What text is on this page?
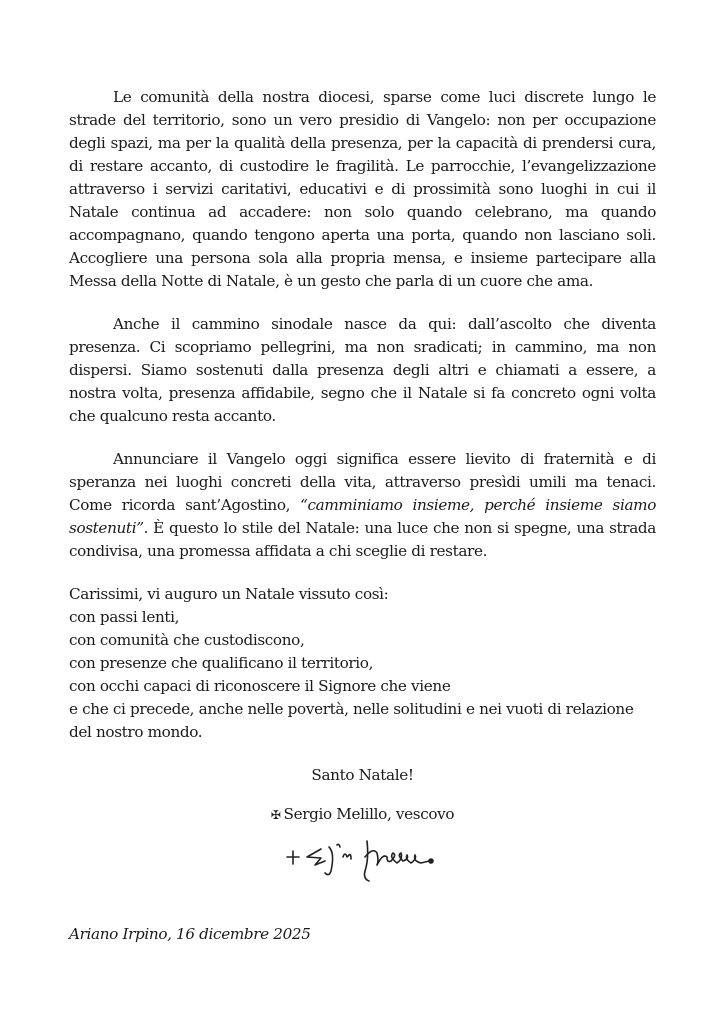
Le comunità della nostra diocesi, sparse come luci discrete lungo le strade del territorio, sono un vero presidio di Vangelo: non per occupazione degli spazi, ma per la qualità della presenza, per la capacità di prendersi cura, di restare accanto, di custodire le fragilità. Le parrocchie, l’evangelizzazione attraverso i servizi caritativi, educativi e di prossimità sono luoghi in cui il Natale continua ad accadere: non solo quando celebrano, ma quando accompagnano, quando tengono aperta una porta, quando non lasciano soli. Accogliere una persona sola alla propria mensa, e insieme partecipare alla Messa della Notte di Natale, è un gesto che parla di un cuore che ama.

Anche il cammino sinodale nasce da qui: dall’ascolto che diventa presenza. Ci scopriamo pellegrini, ma non sradicati; in cammino, ma non dispersi. Siamo sostenuti dalla presenza degli altri e chiamati a essere, a nostra volta, presenza affidabile, segno che il Natale si fa concreto ogni volta che qualcuno resta accanto.

Annunciare il Vangelo oggi significa essere lievito di fraternità e di speranza nei luoghi concreti della vita, attraverso presìdi umili ma tenaci. Come ricorda sant’Agostino, “camminiamo insieme, perché insieme siamo sostenuti”. È questo lo stile del Natale: una luce che non si spegne, una strada condivisa, una promessa affidata a chi sceglie di restare.

Carissimi, vi auguro un Natale vissuto così:
con passi lenti,
con comunità che custodiscono,
con presenze che qualificano il territorio,
con occhi capaci di riconoscere il Signore che viene
e che ci precede, anche nelle povertà, nelle solitudini e nei vuoti di relazione
del nostro mondo.

Santo Natale!

✠ Sergio Melillo, vescovo

Ariano Irpino, 16 dicembre 2025
